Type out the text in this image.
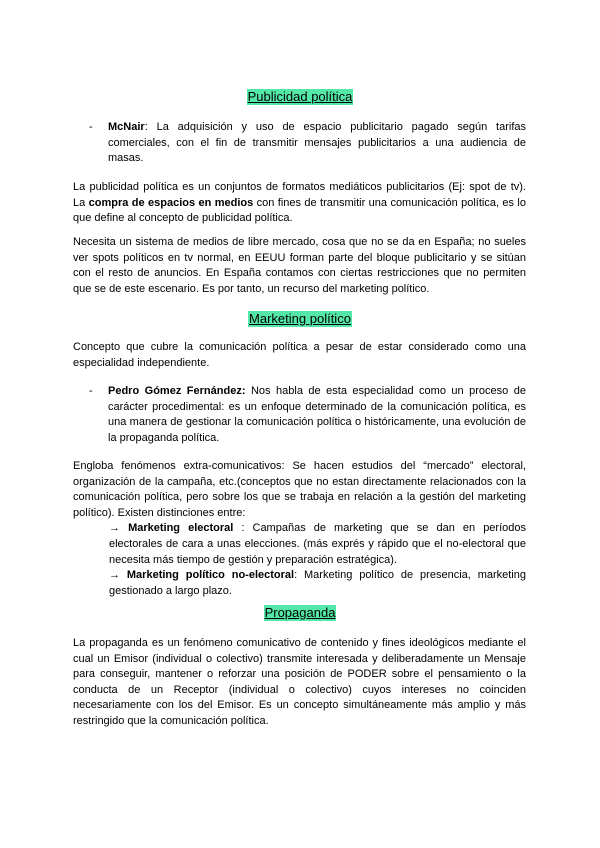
Publicidad política
- McNair: La adquisición y uso de espacio publicitario pagado según tarifas comerciales, con el fin de transmitir mensajes publicitarios a una audiencia de masas.

La publicidad política es un conjuntos de formatos mediáticos publicitarios (Ej: spot de tv). La compra de espacios en medios con fines de transmitir una comunicación política, es lo que define al concepto de publicidad política.

Necesita un sistema de medios de libre mercado, cosa que no se da en España; no sueles ver spots políticos en tv normal, en EEUU forman parte del bloque publicitario y se sitúan con el resto de anuncios. En España contamos con ciertas restricciones que no permiten que se de este escenario. Es por tanto, un recurso del marketing político.

Marketing político

Concepto que cubre la comunicación política a pesar de estar considerado como una especialidad independiente.

- Pedro Gómez Fernández: Nos habla de esta especialidad como un proceso de carácter procedimental: es un enfoque determinado de la comunicación política, es una manera de gestionar la comunicación política o históricamente, una evolución de la propaganda política.

Engloba fenómenos extra-comunicativos: Se hacen estudios del “mercado” electoral, organización de la campaña, etc.(conceptos que no estan directamente relacionados con la comunicación política, pero sobre los que se trabaja en relación a la gestión del marketing político). Existen distinciones entre:
→ Marketing electoral : Campañas de marketing que se dan en períodos electorales de cara a unas elecciones. (más exprés y rápido que el no-electoral que necesita más tiempo de gestión y preparación estratégica).
→ Marketing político no-electoral: Marketing político de presencia, marketing gestionado a largo plazo.

Propaganda

La propaganda es un fenómeno comunicativo de contenido y fines ideológicos mediante el cual un Emisor (individual o colectivo) transmite interesada y deliberadamente un Mensaje para conseguir, mantener o reforzar una posición de PODER sobre el pensamiento o la conducta de un Receptor (individual o colectivo) cuyos intereses no coinciden necesariamente con los del Emisor. Es un concepto simultáneamente más amplio y más restringido que la comunicación política.
